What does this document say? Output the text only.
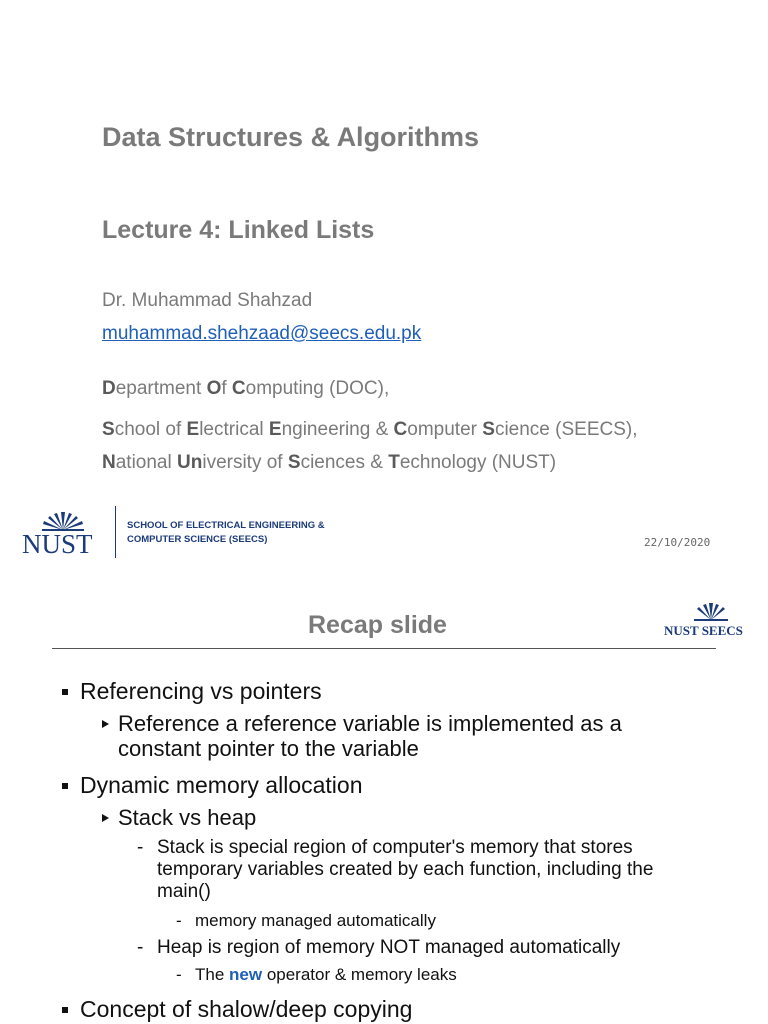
Data Structures & Algorithms
Lecture 4: Linked Lists
Dr. Muhammad Shahzad
muhammad.shehzaad@seecs.edu.pk
Department Of Computing (DOC),
School of Electrical Engineering & Computer Science (SEECS),
National University of Sciences & Technology (NUST)
NUST
SCHOOL OF ELECTRICAL ENGINEERING &
COMPUTER SCIENCE (SEECS)	22/10/2020
Recap slide	NUST SEECS
Referencing vs pointers
Reference a reference variable is implemented as a constant pointer to the variable
Dynamic memory allocation
Stack vs heap
- Stack is special region of computer's memory that stores temporary variables created by each function, including the main()
- memory managed automatically
- Heap is region of memory NOT managed automatically
- The new operator & memory leaks
Concept of shalow/deep copying
